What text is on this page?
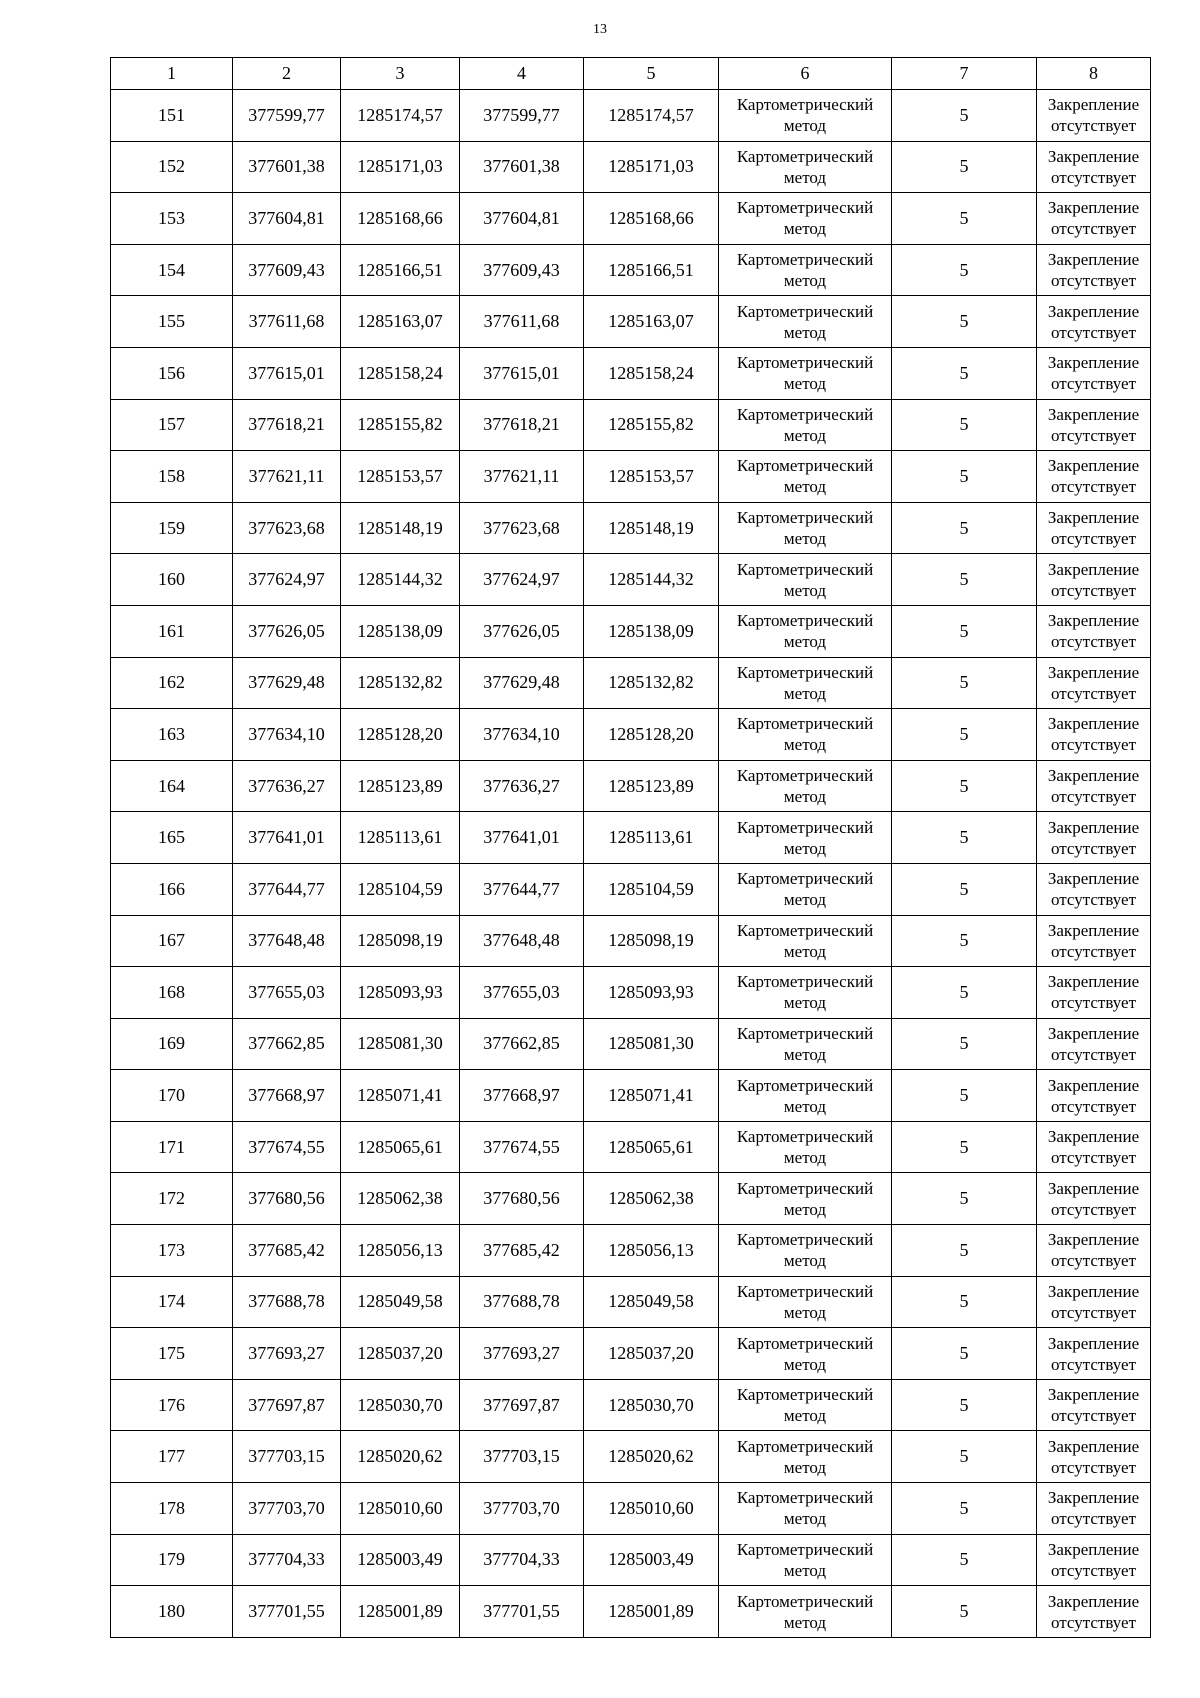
13
1	2	3	4	5	6	7	8
151	377599,77	1285174,57	377599,77	1285174,57	Картометрический метод	5	Закрепление отсутствует
152	377601,38	1285171,03	377601,38	1285171,03	Картометрический метод	5	Закрепление отсутствует
153	377604,81	1285168,66	377604,81	1285168,66	Картометрический метод	5	Закрепление отсутствует
154	377609,43	1285166,51	377609,43	1285166,51	Картометрический метод	5	Закрепление отсутствует
155	377611,68	1285163,07	377611,68	1285163,07	Картометрический метод	5	Закрепление отсутствует
156	377615,01	1285158,24	377615,01	1285158,24	Картометрический метод	5	Закрепление отсутствует
157	377618,21	1285155,82	377618,21	1285155,82	Картометрический метод	5	Закрепление отсутствует
158	377621,11	1285153,57	377621,11	1285153,57	Картометрический метод	5	Закрепление отсутствует
159	377623,68	1285148,19	377623,68	1285148,19	Картометрический метод	5	Закрепление отсутствует
160	377624,97	1285144,32	377624,97	1285144,32	Картометрический метод	5	Закрепление отсутствует
161	377626,05	1285138,09	377626,05	1285138,09	Картометрический метод	5	Закрепление отсутствует
162	377629,48	1285132,82	377629,48	1285132,82	Картометрический метод	5	Закрепление отсутствует
163	377634,10	1285128,20	377634,10	1285128,20	Картометрический метод	5	Закрепление отсутствует
164	377636,27	1285123,89	377636,27	1285123,89	Картометрический метод	5	Закрепление отсутствует
165	377641,01	1285113,61	377641,01	1285113,61	Картометрический метод	5	Закрепление отсутствует
166	377644,77	1285104,59	377644,77	1285104,59	Картометрический метод	5	Закрепление отсутствует
167	377648,48	1285098,19	377648,48	1285098,19	Картометрический метод	5	Закрепление отсутствует
168	377655,03	1285093,93	377655,03	1285093,93	Картометрический метод	5	Закрепление отсутствует
169	377662,85	1285081,30	377662,85	1285081,30	Картометрический метод	5	Закрепление отсутствует
170	377668,97	1285071,41	377668,97	1285071,41	Картометрический метод	5	Закрепление отсутствует
171	377674,55	1285065,61	377674,55	1285065,61	Картометрический метод	5	Закрепление отсутствует
172	377680,56	1285062,38	377680,56	1285062,38	Картометрический метод	5	Закрепление отсутствует
173	377685,42	1285056,13	377685,42	1285056,13	Картометрический метод	5	Закрепление отсутствует
174	377688,78	1285049,58	377688,78	1285049,58	Картометрический метод	5	Закрепление отсутствует
175	377693,27	1285037,20	377693,27	1285037,20	Картометрический метод	5	Закрепление отсутствует
176	377697,87	1285030,70	377697,87	1285030,70	Картометрический метод	5	Закрепление отсутствует
177	377703,15	1285020,62	377703,15	1285020,62	Картометрический метод	5	Закрепление отсутствует
178	377703,70	1285010,60	377703,70	1285010,60	Картометрический метод	5	Закрепление отсутствует
179	377704,33	1285003,49	377704,33	1285003,49	Картометрический метод	5	Закрепление отсутствует
180	377701,55	1285001,89	377701,55	1285001,89	Картометрический метод	5	Закрепление отсутствует
